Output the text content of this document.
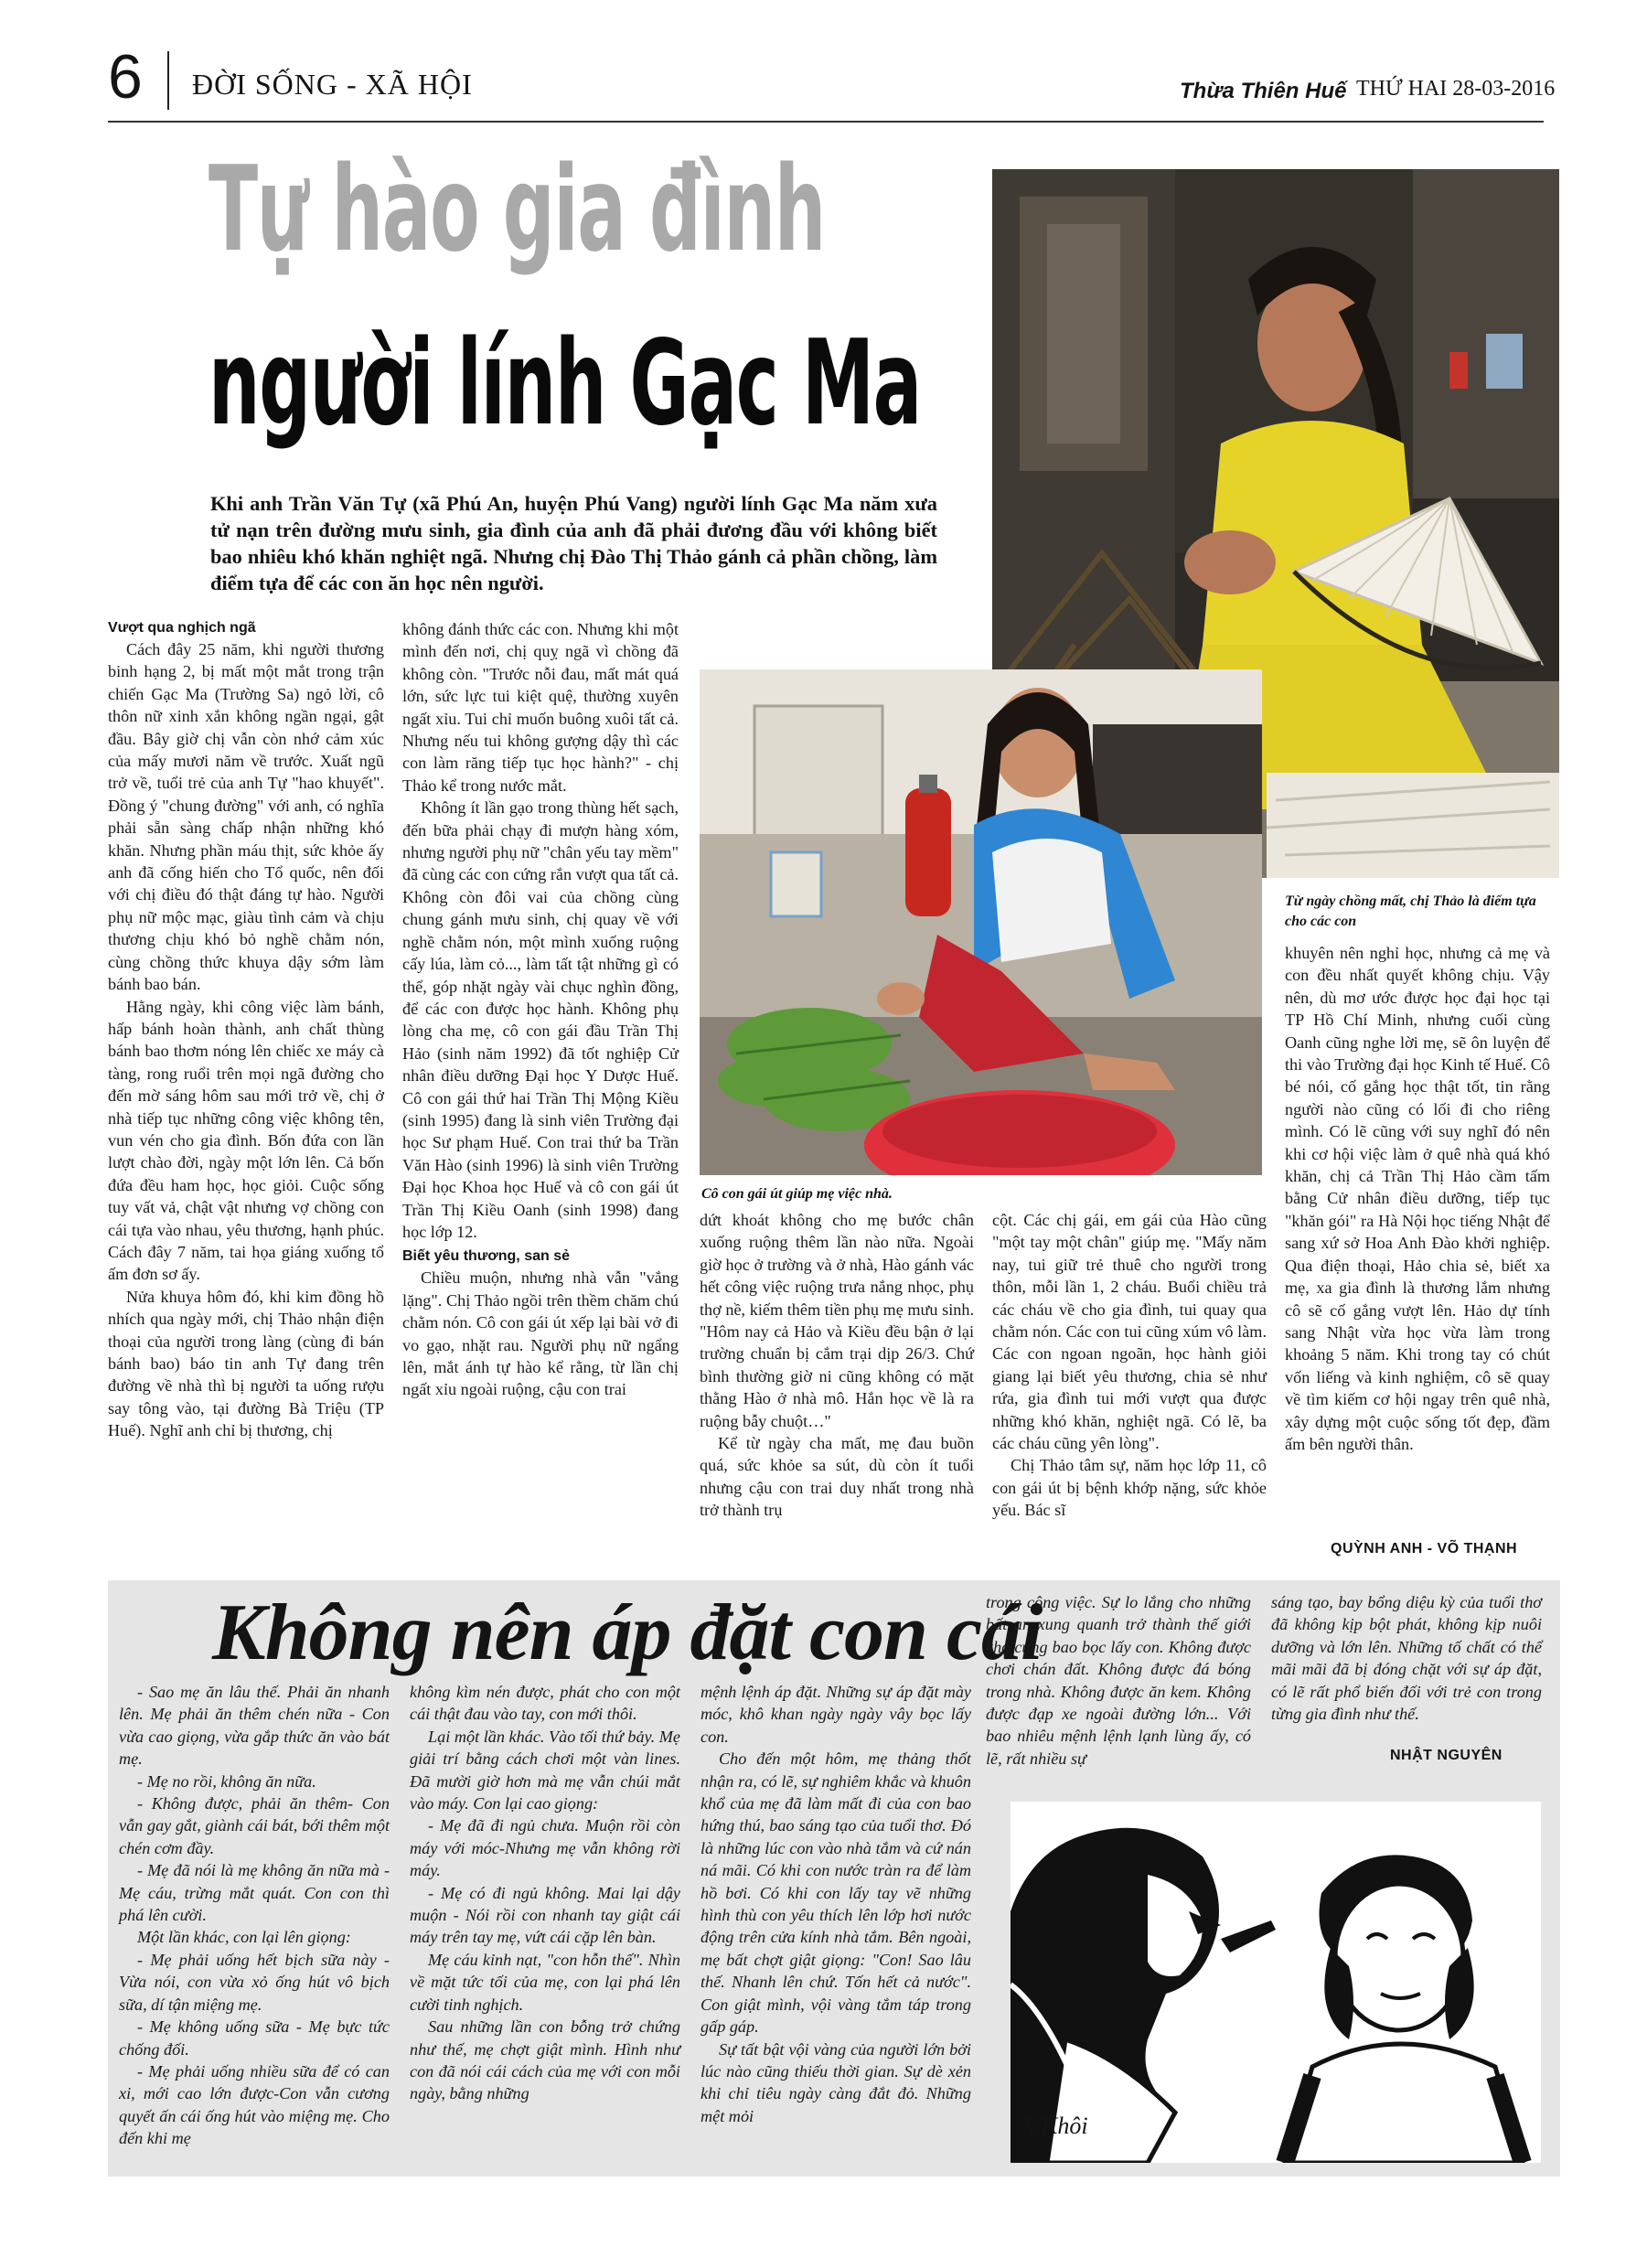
6 ĐỜI SỐNG - XÃ HỘI	Thừa Thiên Huế THỨ HAI 28-03-2016
Tự hào gia đình
người lính Gạc Ma
Khi anh Trần Văn Tự (xã Phú An, huyện Phú Vang) người lính Gạc Ma năm xưa tử nạn trên đường mưu sinh, gia đình của anh đã phải đương đầu với không biết bao nhiêu khó khăn nghiệt ngã. Nhưng chị Đào Thị Thảo gánh cả phần chồng, làm điểm tựa để các con ăn học nên người.
Từ ngày chồng mất, chị Thảo là điểm tựa cho các con
Cô con gái út giúp mẹ việc nhà.
Vượt qua nghịch ngã

Cách đây 25 năm, khi người thương binh hạng 2, bị mất một mắt trong trận chiến Gạc Ma (Trường Sa) ngỏ lời, cô thôn nữ xinh xắn không ngần ngại, gật đầu. Bây giờ chị vẫn còn nhớ cảm xúc của mấy mươi năm về trước. Xuất ngũ trở về, tuổi trẻ của anh Tự "hao khuyết". Đồng ý "chung đường" với anh, có nghĩa phải sẵn sàng chấp nhận những khó khăn. Nhưng phần máu thịt, sức khỏe ấy anh đã cống hiến cho Tổ quốc, nên đối với chị điều đó thật đáng tự hào. Người phụ nữ mộc mạc, giàu tình cảm và chịu thương chịu khó bỏ nghề chằm nón, cùng chồng thức khuya dậy sớm làm bánh bao bán.

Hằng ngày, khi công việc làm bánh, hấp bánh hoàn thành, anh chất thùng bánh bao thơm nóng lên chiếc xe máy cà tàng, rong ruổi trên mọi ngã đường cho đến mờ sáng hôm sau mới trở về, chị ở nhà tiếp tục những công việc không tên, vun vén cho gia đình. Bốn đứa con lần lượt chào đời, ngày một lớn lên. Cả bốn đứa đều ham học, học giỏi. Cuộc sống tuy vất vả, chật vật nhưng vợ chồng con cái tựa vào nhau, yêu thương, hạnh phúc. Cách đây 7 năm, tai họa giáng xuống tổ ấm đơn sơ ấy.

Nửa khuya hôm đó, khi kim đồng hồ nhích qua ngày mới, chị Thảo nhận điện thoại của người trong làng (cùng đi bán bánh bao) báo tin anh Tự đang trên đường về nhà thì bị người ta uống rượu say tông vào, tại đường Bà Triệu (TP Huế). Nghĩ anh chỉ bị thương, chị

không đánh thức các con. Nhưng khi một mình đến nơi, chị quỵ ngã vì chồng đã không còn. "Trước nỗi đau, mất mát quá lớn, sức lực tui kiệt quệ, thường xuyên ngất xỉu. Tui chỉ muốn buông xuôi tất cả. Nhưng nếu tui không gượng dậy thì các con làm răng tiếp tục học hành?" - chị Thảo kể trong nước mắt.

Không ít lần gạo trong thùng hết sạch, đến bữa phải chạy đi mượn hàng xóm, nhưng người phụ nữ "chân yếu tay mềm" đã cùng các con cứng rắn vượt qua tất cả. Không còn đôi vai của chồng cùng chung gánh mưu sinh, chị quay về với nghề chằm nón, một mình xuống ruộng cấy lúa, làm cỏ..., làm tất tật những gì có thể, góp nhặt ngày vài chục nghìn đồng, để các con được học hành. Không phụ lòng cha mẹ, cô con gái đầu Trần Thị Hảo (sinh năm 1992) đã tốt nghiệp Cử nhân điều dưỡng Đại học Y Dược Huế. Cô con gái thứ hai Trần Thị Mộng Kiều (sinh 1995) đang là sinh viên Trường đại học Sư phạm Huế. Con trai thứ ba Trần Văn Hào (sinh 1996) là sinh viên Trường Đại học Khoa học Huế và cô con gái út Trần Thị Kiều Oanh (sinh 1998) đang học lớp 12.

Biết yêu thương, san sẻ

Chiều muộn, nhưng nhà vẫn "vắng lặng". Chị Thảo ngồi trên thềm chăm chú chằm nón. Cô con gái út xếp lại bài vở đi vo gạo, nhặt rau. Người phụ nữ ngẩng lên, mắt ánh tự hào kể rằng, từ lần chị ngất xỉu ngoài ruộng, cậu con trai

dứt khoát không cho mẹ bước chân xuống ruộng thêm lần nào nữa. Ngoài giờ học ở trường và ở nhà, Hào gánh vác hết công việc ruộng trưa nắng nhọc, phụ thợ nề, kiếm thêm tiền phụ mẹ mưu sinh. "Hôm nay cả Hảo và Kiều đều bận ở lại trường chuẩn bị cắm trại dịp 26/3. Chứ bình thường giờ ni cũng không có mặt thằng Hào ở nhà mô. Hắn học về là ra ruộng bẫy chuột…"

Kể từ ngày cha mất, mẹ đau buồn quá, sức khỏe sa sút, dù còn ít tuổi nhưng cậu con trai duy nhất trong nhà trở thành trụ

cột. Các chị gái, em gái của Hào cũng "một tay một chân" giúp mẹ. "Mấy năm nay, tui giữ trẻ thuê cho người trong thôn, mỗi lần 1, 2 cháu. Buổi chiều trả các cháu về cho gia đình, tui quay qua chằm nón. Các con tui cũng xúm vô làm. Các con ngoan ngoãn, học hành giỏi giang lại biết yêu thương, chia sẻ như rứa, gia đình tui mới vượt qua được những khó khăn, nghiệt ngã. Có lẽ, ba các cháu cũng yên lòng".

Chị Thảo tâm sự, năm học lớp 11, cô con gái út bị bệnh khớp nặng, sức khỏe yếu. Bác sĩ

khuyên nên nghỉ học, nhưng cả mẹ và con đều nhất quyết không chịu. Vậy nên, dù mơ ước được học đại học tại TP Hồ Chí Minh, nhưng cuối cùng Oanh cũng nghe lời mẹ, sẽ ôn luyện để thi vào Trường đại học Kinh tế Huế. Cô bé nói, cố gắng học thật tốt, tin rằng người nào cũng có lối đi cho riêng mình. Có lẽ cũng với suy nghĩ đó nên khi cơ hội việc làm ở quê nhà quá khó khăn, chị cả Trần Thị Hảo cầm tấm bằng Cử nhân điều dưỡng, tiếp tục "khăn gói" ra Hà Nội học tiếng Nhật để sang xứ sở Hoa Anh Đào khởi nghiệp. Qua điện thoại, Hảo chia sẻ, biết xa mẹ, xa gia đình là thương lắm nhưng cô sẽ cố gắng vượt lên. Hảo dự tính sang Nhật vừa học vừa làm trong khoảng 5 năm. Khi trong tay có chút vốn liếng và kinh nghiệm, cô sẽ quay về tìm kiếm cơ hội ngay trên quê nhà, xây dựng một cuộc sống tốt đẹp, đầm ấm bên người thân.

QUỲNH ANH - VÕ THẠNH
Không nên áp đặt con cái

- Sao mẹ ăn lâu thế. Phải ăn nhanh lên. Mẹ phải ăn thêm chén nữa - Con vừa cao giọng, vừa gắp thức ăn vào bát mẹ.

- Mẹ no rồi, không ăn nữa.

- Không được, phải ăn thêm- Con vẫn gay gắt, giành cái bát, bới thêm một chén cơm đầy.

- Mẹ đã nói là mẹ không ăn nữa mà - Mẹ cáu, trừng mắt quát. Con con thì phá lên cười.

Một lần khác, con lại lên giọng:

- Mẹ phải uống hết bịch sữa này - Vừa nói, con vừa xỏ ống hút vô bịch sữa, dí tận miệng mẹ.

- Mẹ không uống sữa - Mẹ bực tức chống đối.

- Mẹ phải uống nhiều sữa để có can xi, mới cao lớn được-Con vẫn cương quyết ấn cái ống hút vào miệng mẹ. Cho đến khi mẹ

không kìm nén được, phát cho con một cái thật đau vào tay, con mới thôi.

Lại một lần khác. Vào tối thứ bảy. Mẹ giải trí bằng cách chơi một vàn lines. Đã mười giờ hơn mà mẹ vẫn chúi mắt vào máy. Con lại cao giọng:

- Mẹ đã đi ngủ chưa. Muộn rồi còn máy với móc-Nhưng mẹ vẫn không rời máy.

- Mẹ có đi ngủ không. Mai lại dậy muộn - Nói rồi con nhanh tay giật cái máy trên tay mẹ, vứt cái cặp lên bàn.

Mẹ cáu kỉnh nạt, "con hỗn thế". Nhìn về mặt tức tối của mẹ, con lại phá lên cười tinh nghịch.

Sau những lần con bỗng trở chứng như thế, mẹ chợt giật mình. Hình như con đã nói cái cách của mẹ với con mỗi ngày, bằng những

mệnh lệnh áp đặt. Những sự áp đặt mày móc, khô khan ngày ngày vây bọc lấy con.

Cho đến một hôm, mẹ thảng thốt nhận ra, có lẽ, sự nghiêm khắc và khuôn khổ của mẹ đã làm mất đi của con bao hứng thú, bao sáng tạo của tuổi thơ. Đó là những lúc con vào nhà tắm và cứ nán ná mãi. Có khi con nước tràn ra để làm hồ bơi. Có khi con lấy tay vẽ những hình thù con yêu thích lên lớp hơi nước động trên cửa kính nhà tắm. Bên ngoài, mẹ bất chợt giật giọng: "Con! Sao lâu thế. Nhanh lên chứ. Tốn hết cả nước". Con giật mình, vội vàng tắm táp trong gấp gáp.

Sự tất bật vội vàng của người lớn bởi lúc nào cũng thiếu thời gian. Sự dè xẻn khi chỉ tiêu ngày càng đắt đỏ. Những mệt mỏi

trong công việc. Sự lo lắng cho những bất an xung quanh trở thành thế giới khó cứng bao bọc lấy con. Không được chơi chán đất. Không được đá bóng trong nhà. Không được ăn kem. Không được đạp xe ngoài đường lớn... Với bao nhiêu mệnh lệnh lạnh lùng ấy, có lẽ, rất nhiều sự

sáng tạo, bay bổng diệu kỳ của tuổi thơ đã không kịp bột phát, không kịp nuôi dưỡng và lớn lên. Những tố chất có thể mãi mãi đã bị đóng chặt với sự áp đặt, có lẽ rất phổ biến đối với trẻ con trong từng gia đình như thế.

NHẬT NGUYÊN
V.Khôi
